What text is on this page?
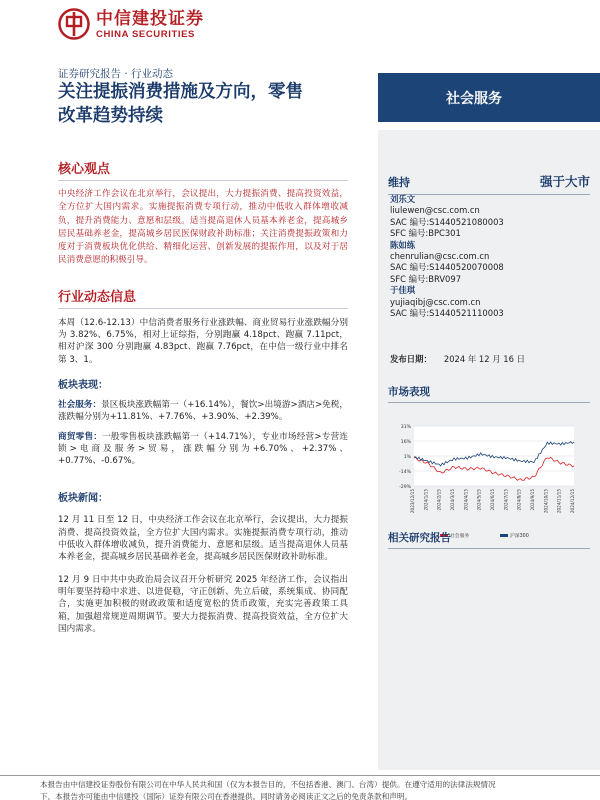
中信建投证券
CHINA SECURITIES
证券研究报告 · 行业动态
关注提振消费措施及方向，零售
改革趋势持续
社会服务
核心观点

中央经济工作会议在北京举行，会议提出，大力提振消费、提高投资效益，全方位扩大国内需求。实施提振消费专项行动，推动中低收入群体增收减负，提升消费能力、意愿和层级。适当提高退休人员基本养老金，提高城乡居民基础养老金，提高城乡居民医保财政补助标准；关注消费提振政策和力度对于消费板块优化供给、精细化运营、创新发展的提振作用，以及对于居民消费意愿的积极引导。

行业动态信息

本周（12.6-12.13）中信消费者服务行业涨跌幅、商业贸易行业涨跌幅分别为 3.82%、6.75%，相对上证综指，分别跑赢 4.18pct、跑赢 7.11pct，相对沪深 300 分别跑赢 4.83pct、跑赢 7.76pct，在中信一级行业中排名第 3、1。

板块表现：

社会服务：景区板块涨跌幅第一（+16.14%），餐饮>出境游>酒店>免税，涨跌幅分别为+11.81%、+7.76%、+3.90%、+2.39%。

商贸零售：一般零售板块涨跌幅第一（+14.71%），专业市场经营>专营连锁>电商及服务>贸易，涨跌幅分别为+6.70%、+2.37%、+0.77%、-0.67%。

板块新闻：

12 月 11 日至 12 日，中央经济工作会议在北京举行，会议提出，大力提振消费、提高投资效益，全方位扩大国内需求。实施提振消费专项行动，推动中低收入群体增收减负，提升消费能力、意愿和层级。适当提高退休人员基本养老金，提高城乡居民基础养老金，提高城乡居民医保财政补助标准。

12 月 9 日中共中央政治局会议召开分析研究 2025 年经济工作，会议指出明年要坚持稳中求进、以进促稳，守正创新、先立后破，系统集成、协同配合，实施更加积极的财政政策和适度宽松的货币政策，充实完善政策工具箱，加强超常规逆周期调节。要大力提振消费、提高投资效益，全方位扩大国内需求。

维持	强于大市
刘乐文
liulewen@csc.com.cn
SAC 编号:S1440521080003
SFC 编号:BPC301
陈如练
chenrulian@csc.com.cn
SAC 编号:S1440520070008
SFC 编号:BRV097
于佳琪
yujiaqibj@csc.com.cn
SAC 编号:S1440521110003
发布日期： 2024 年 12 月 16 日
市场表现
31%
16%
1%
-14%
-29%
2023/12/15 2024/1/15 2024/2/15 2024/3/15 2024/4/15 2024/5/15 2024/6/15 2024/7/15 2024/8/15 2024/9/15 2024/10/15 2024/11/15 2024/12/15
社会服务	沪深300
相关研究报告
本报告由中信建投证券股份有限公司在中华人民共和国（仅为本报告目的，不包括香港、澳门、台湾）提供。在遵守适用的法律法规情况
下，本报告亦可能由中信建投（国际）证券有限公司在香港提供。同时请务必阅读正文之后的免责条款和声明。
